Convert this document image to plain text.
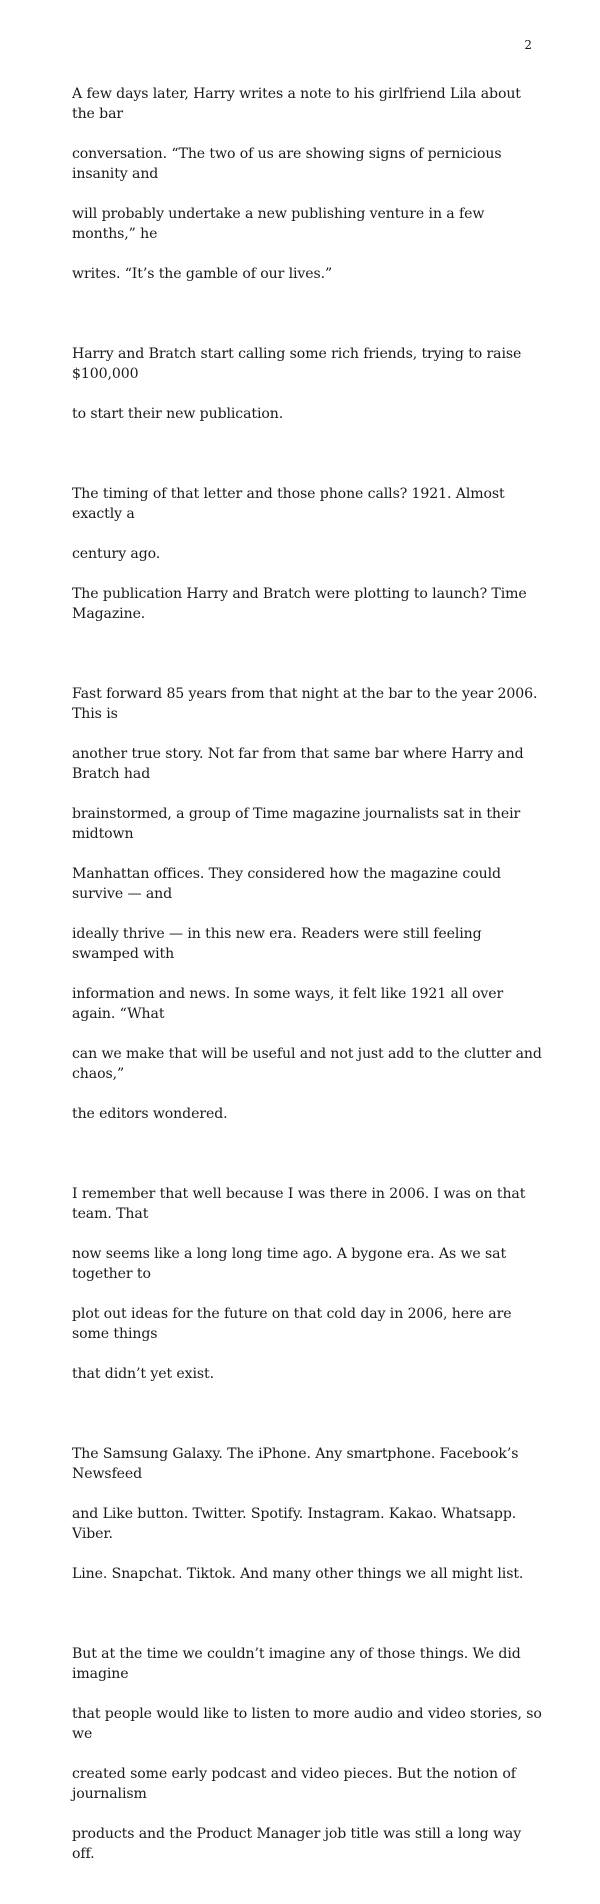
2

A few days later, Harry writes a note to his girlfriend Lila about the bar

conversation. “The two of us are showing signs of pernicious insanity and

will probably undertake a new publishing venture in a few months,” he

writes. “It’s the gamble of our lives.”

Harry and Bratch start calling some rich friends, trying to raise $100,000

to start their new publication.

The timing of that letter and those phone calls? 1921. Almost exactly a

century ago.

The publication Harry and Bratch were plotting to launch? Time Magazine.

Fast forward 85 years from that night at the bar to the year 2006. This is

another true story. Not far from that same bar where Harry and Bratch had

brainstormed, a group of Time magazine journalists sat in their midtown

Manhattan offices. They considered how the magazine could survive — and

ideally thrive — in this new era. Readers were still feeling swamped with

information and news. In some ways, it felt like 1921 all over again. “What

can we make that will be useful and not just add to the clutter and chaos,”

the editors wondered.

I remember that well because I was there in 2006. I was on that team. That

now seems like a long long time ago. A bygone era. As we sat together to

plot out ideas for the future on that cold day in 2006, here are some things

that didn’t yet exist.

The Samsung Galaxy. The iPhone. Any smartphone. Facebook’s Newsfeed

and Like button. Twitter. Spotify. Instagram. Kakao. Whatsapp. Viber.

Line. Snapchat. Tiktok. And many other things we all might list.

But at the time we couldn’t imagine any of those things. We did imagine

that people would like to listen to more audio and video stories, so we

created some early podcast and video pieces. But the notion of journalism

products and the Product Manager job title was still a long way off.
